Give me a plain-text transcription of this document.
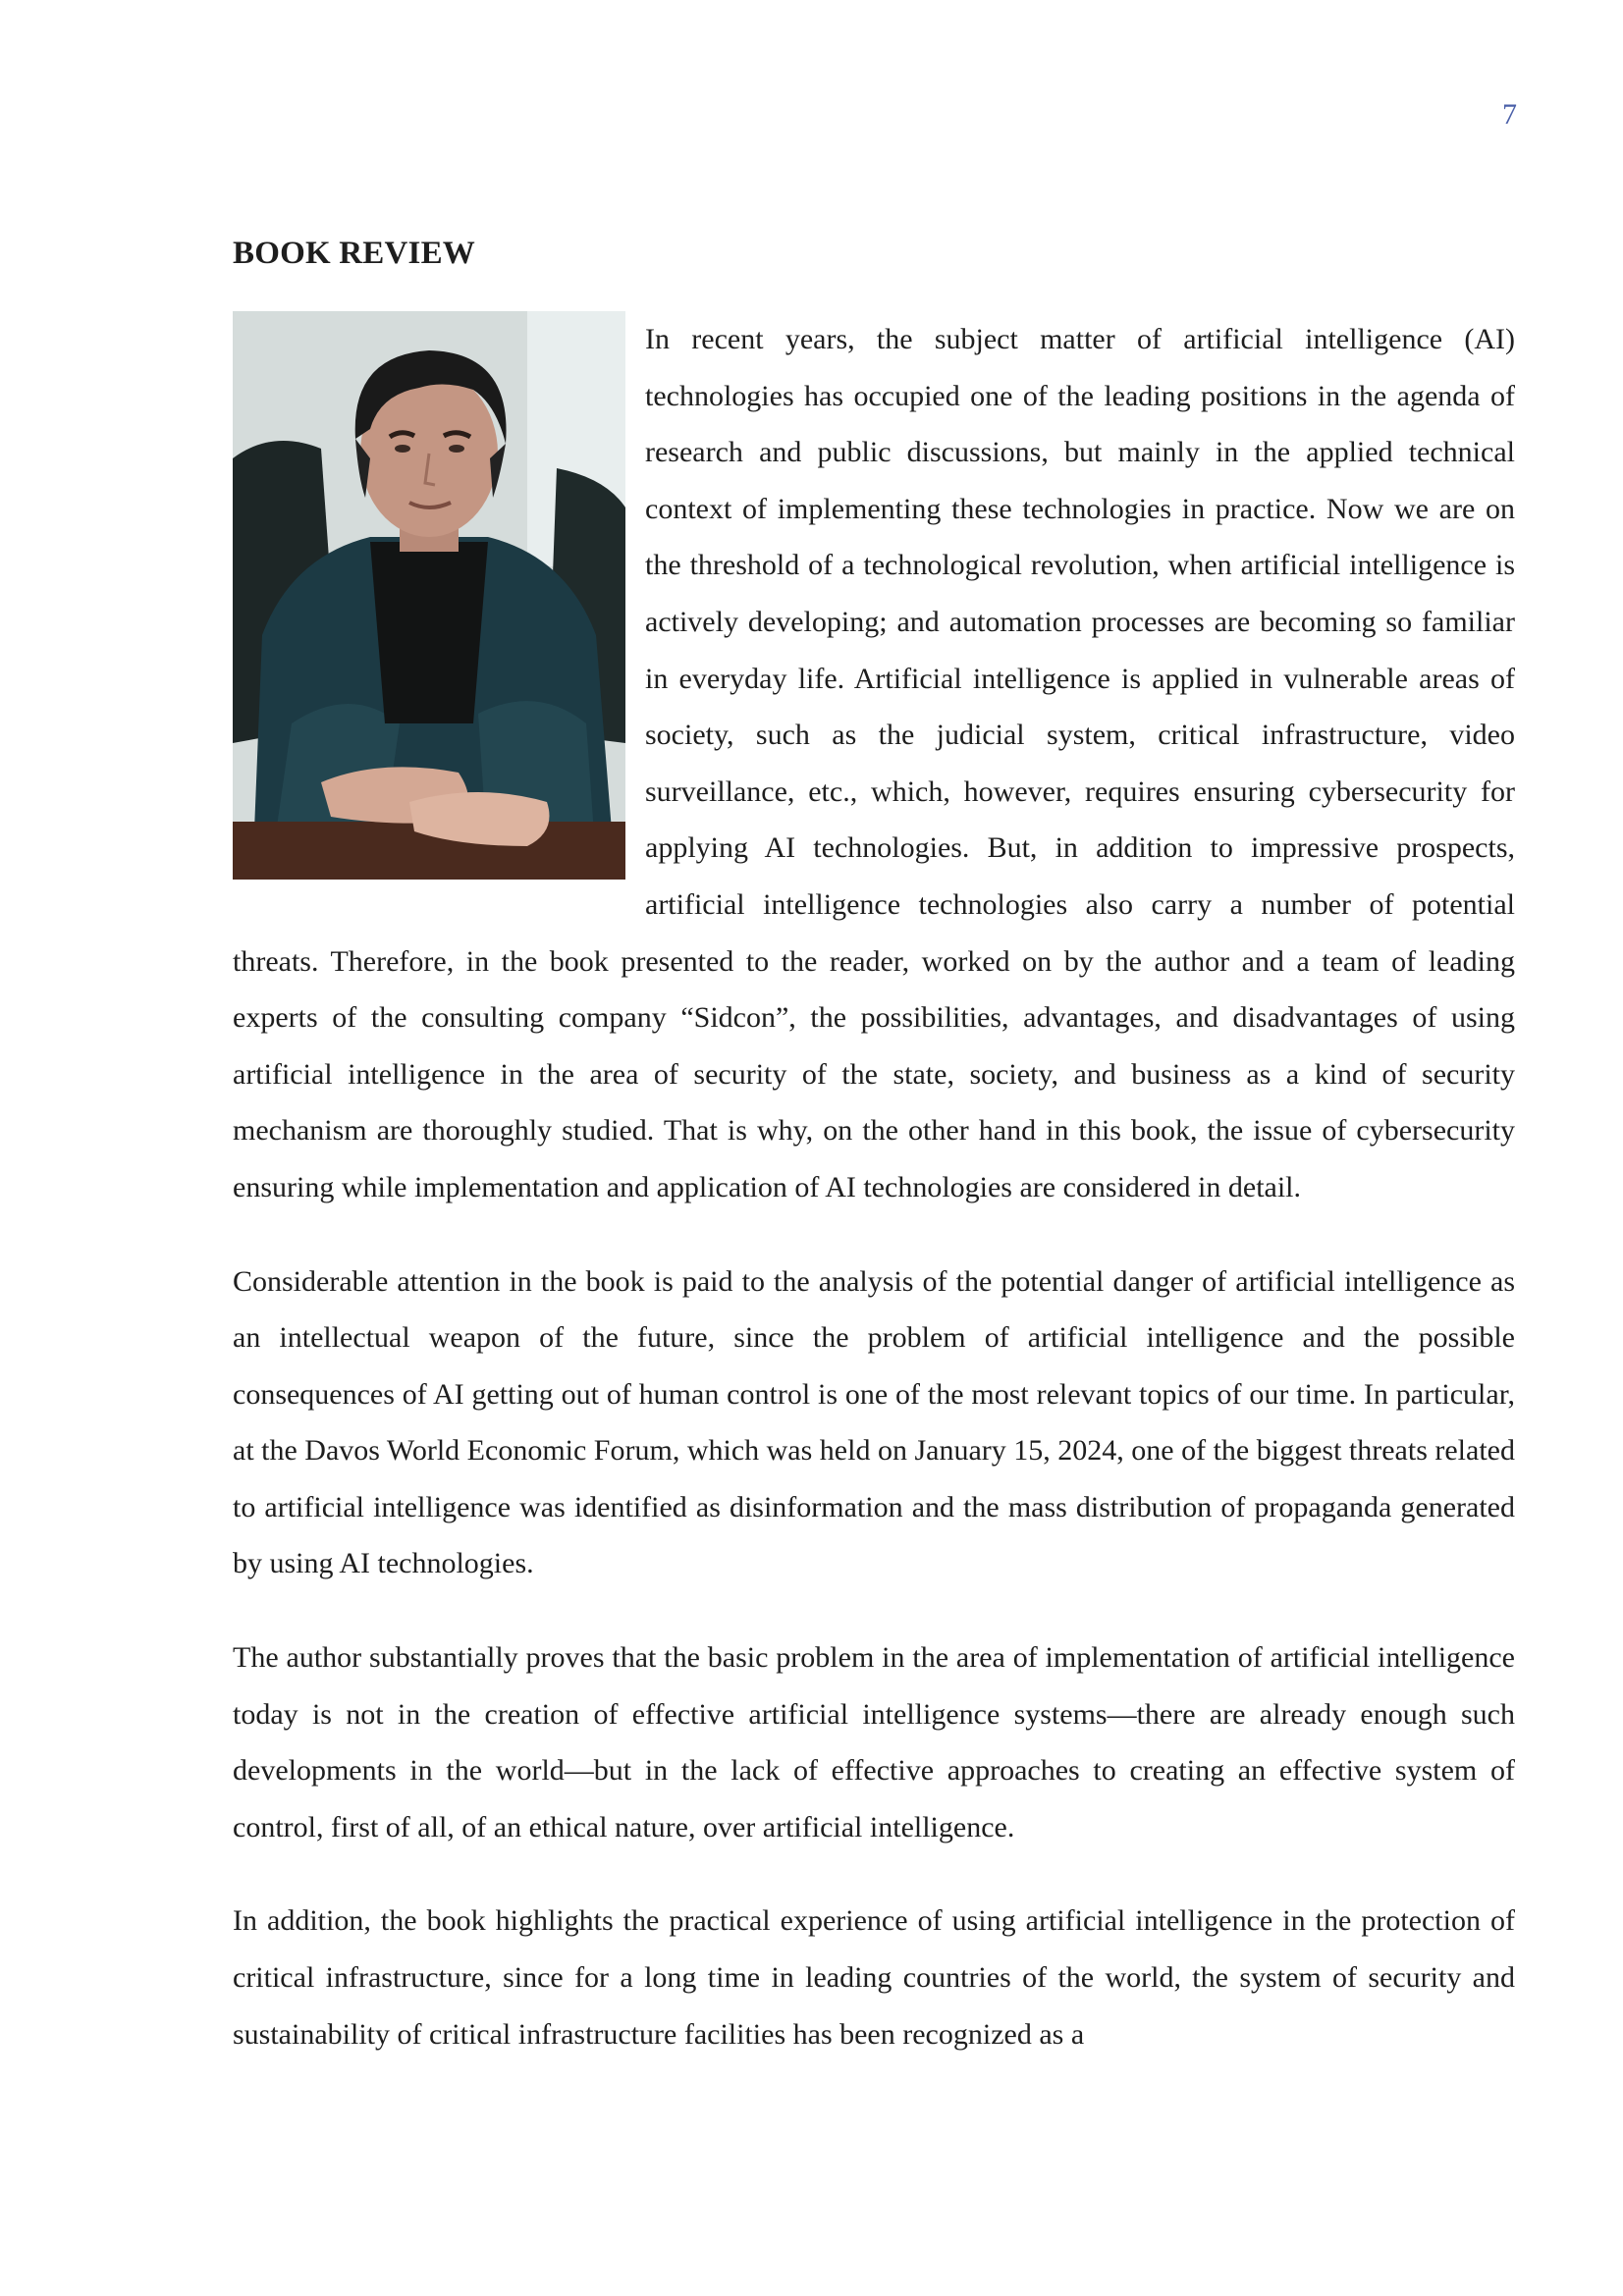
7
BOOK REVIEW

In recent years, the subject matter of artificial intelligence (AI) technologies has occupied one of the leading positions in the agenda of research and public discussions, but mainly in the applied technical context of implementing these technologies in practice. Now we are on the threshold of a technological revolution, when artificial intelligence is actively developing; and automation processes are becoming so familiar in everyday life. Artificial intelligence is applied in vulnerable areas of society, such as the judicial system, critical infrastructure, video surveillance, etc., which, however, requires ensuring cybersecurity for applying AI technologies. But, in addition to impressive prospects, artificial intelligence technologies also carry a number of potential threats. Therefore, in the book presented to the reader, worked on by the author and a team of leading experts of the consulting company “Sidcon”, the possibilities, advantages, and disadvantages of using artificial intelligence in the area of security of the state, society, and business as a kind of security mechanism are thoroughly studied. That is why, on the other hand in this book, the issue of cybersecurity ensuring while implementation and application of AI technologies are considered in detail.

Considerable attention in the book is paid to the analysis of the potential danger of artificial intelligence as an intellectual weapon of the future, since the problem of artificial intelligence and the possible consequences of AI getting out of human control is one of the most relevant topics of our time. In particular, at the Davos World Economic Forum, which was held on January 15, 2024, one of the biggest threats related to artificial intelligence was identified as disinformation and the mass distribution of propaganda generated by using AI technologies.

The author substantially proves that the basic problem in the area of implementation of artificial intelligence today is not in the creation of effective artificial intelligence systems—there are already enough such developments in the world—but in the lack of effective approaches to creating an effective system of control, first of all, of an ethical nature, over artificial intelligence.

In addition, the book highlights the practical experience of using artificial intelligence in the protection of critical infrastructure, since for a long time in leading countries of the world, the system of security and sustainability of critical infrastructure facilities has been recognized as a
